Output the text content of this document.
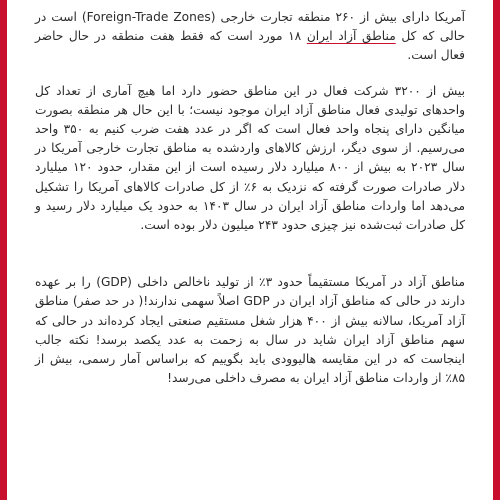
آمریکا دارای بیش از ۲۶۰ منطقه تجارت خارجی (Foreign-Trade Zones) است در حالی که کل مناطق آزاد ایران ۱۸ مورد است که فقط هفت منطقه در حال حاضر فعال است.

بیش از ۳۲۰۰ شرکت فعال در این مناطق حضور دارد اما هیچ آماری از تعداد کل واحدهای تولیدی فعال مناطق آزاد ایران موجود نیست؛ با این حال هر منطقه بصورت میانگین دارای پنجاه واحد فعال است که اگر در عدد هفت ضرب کنیم به ۳۵۰ واحد می‌رسیم. از سوی دیگر، ارزش کالاهای واردشده به مناطق تجارت خارجی آمریکا در سال ۲۰۲۳ به بیش از ۸۰۰ میلیارد دلار رسیده است از این مقدار، حدود ۱۲۰ میلیارد دلار صادرات صورت گرفته که نزدیک به ۶٪ از کل صادرات کالاهای آمریکا را تشکیل می‌دهد اما واردات مناطق آزاد ایران در سال ۱۴۰۳ به حدود یک میلیارد دلار رسید و کل صادرات ثبت‌شده نیز چیزی حدود ۲۴۳ میلیون دلار بوده است.

مناطق آزاد در آمریکا مستقیماً حدود ۳٪ از تولید ناخالص داخلی (GDP) را بر عهده دارند در حالی که مناطق آزاد ایران در GDP اصلاً سهمی ندارند!( در حد صفر) مناطق آزاد آمریکا، سالانه بیش از ۴۰۰ هزار شغل مستقیم صنعتی ایجاد کرده‌اند در حالی که سهم مناطق آزاد ایران شاید در سال به زحمت به عدد یکصد برسد! نکته جالب اینجاست که در این مقایسه هالیوودی باید بگوییم که براساس آمار رسمی، بیش از ۸۵٪ از واردات مناطق آزاد ایران به مصرف داخلی می‌رسد!
